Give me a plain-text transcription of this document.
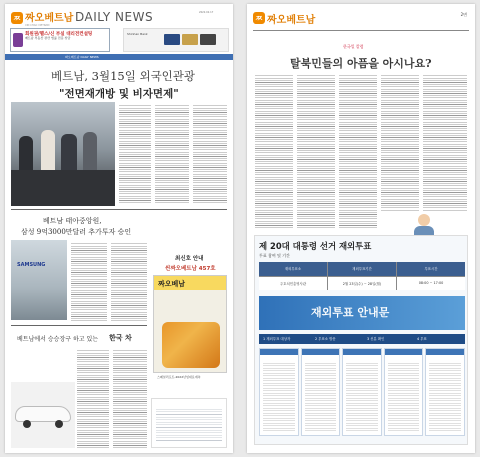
ㅉ 짜오베트남
XIN CHAO VIETNAM
DAILY NEWS	2022.02.17
회원권/헬스/신 부실 대리전컨설팅
베트남 부동산 관련 법률 전문 상담
Shinhan Bank
짜오베트남 DAILY NEWS
베트남, 3월15일 외국인관광
"전면재개방 및 비자면제"
베트남 태아중앙원,
삼성 9억3000만달러 추가투자 승인
SAMSUNG
최신호 안내
씬짜오베트남 457호
짜오베남
스페셜리포트-2022년임대료예측
베트남에서 승승장구 하고 있는 한국 차
ㅉ 짜오베트남	2면
한국일 칼럼
탈북민들의 아픔을 아시나요?
제 20대 대통령 선거 재외투표
투표 참여 및 기간
재외투표소	재외투표기간	투표시간
주호치민총영사관	2월 23일(수) ~ 28일(월)	08:00 ~ 17:00
재외투표 안내문
1 재외투표 대상자	2 투표소 방문	3 신분 확인	4 투표
